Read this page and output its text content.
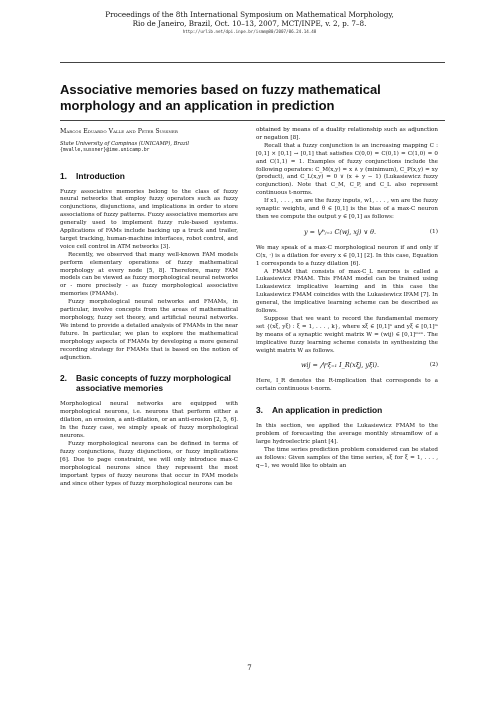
Proceedings of the 8th International Symposium on Mathematical Morphology,
Rio de Janeiro, Brazil, Oct. 10–13, 2007, MCT/INPE, v. 2, p. 7–8.
http://urlib.net/dpi.inpe.br/ismm@80/2007/06.24.14.48
Associative memories based on fuzzy mathematical morphology and an application in prediction
Marcos Eduardo Valle and Peter Sussner
State University of Campinas (UNICAMP), Brazil
{mvalle,sussner}@ime.unicamp.br
1.	Introduction

Fuzzy associative memories belong to the class of fuzzy neural networks that employ fuzzy operators such as fuzzy conjunctions, disjunctions, and implications in order to store associations of fuzzy patterns. Fuzzy associative memories are generally used to implement fuzzy rule-based systems. Applications of FAMs include backing up a truck and trailer, target tracking, human-machine interfaces, robot control, and voice cell control in ATM networks [3].

Recently, we observed that many well-known FAM models perform elementary operations of fuzzy mathematical morphology at every node [5, 8]. Therefore, many FAM models can be viewed as fuzzy morphological neural networks or - more precisely - as fuzzy morphological associative memories (FMAMs).

Fuzzy morphological neural networks and FMAMs, in particular, involve concepts from the areas of mathematical morphology, fuzzy set theory, and artificial neural networks. We intend to provide a detailed analysis of FMAMs in the near future. In particular, we plan to explore the mathematical morphology aspects of FMAMs by developing a more general recording strategy for FMAMs that is based on the notion of adjunction.

2.	Basic concepts of fuzzy morphological associative memories

Morphological neural networks are equipped with morphological neurons, i.e. neurons that perform either a dilation, an erosion, a anti-dilation, or an anti-erosion [2, 5, 6]. In the fuzzy case, we simply speak of fuzzy morphological neurons.

Fuzzy morphological neurons can be defined in terms of fuzzy conjunctions, fuzzy disjunctions, or fuzzy implications [6]. Due to page constraint, we will only introduce max-C morphological neurons since they represent the most important types of fuzzy neurons that occur in FAM models and since other types of fuzzy morphological neurons can be

obtained by means of a duality relationship such as adjunction or negation [8].

Recall that a fuzzy conjunction is an increasing mapping C : [0,1] × [0,1] → [0,1] that satisfies C(0,0) = C(0,1) = C(1,0) = 0 and C(1,1) = 1. Examples of fuzzy conjunctions include the following operators: C_M(x,y) = x ∧ y (minimum), C_P(x,y) = xy (product), and C_L(x,y) = 0 ∨ (x + y − 1) (Lukasiewicz fuzzy conjunction). Note that C_M, C_P, and C_L also represent continuous t-norms.

If x1, . . . , xn are the fuzzy inputs, w1, . . . , wn are the fuzzy synaptic weights, and θ ∈ [0,1] is the bias of a max-C neuron then we compute the output y ∈ [0,1] as follows:

y = ⋁ⁿⱼ₌₁ C(wj, xj) ∨ θ.	(1)

We may speak of a max-C morphological neuron if and only if C(x, ·) is a dilation for every x ∈ [0,1] [2]. In this case, Equation 1 corresponds to a fuzzy dilation [6].

A FMAM that consists of max-C_L neurons is called a Lukasiewicz FMAM. This FMAM model can be trained using Lukasiewicz implicative learning and in this case the Lukasiewicz FMAM coincides with the Lukasiewicz IFAM [7]. In general, the implicative learning scheme can be described as follows.

Suppose that we want to record the fundamental memory set {(xξ, yξ) : ξ = 1, . . . , k}, where xξ ∈ [0,1]ⁿ and yξ ∈ [0,1]ᵐ by means of a synaptic weight matrix W = (wij) ∈ [0,1]ᵐˣⁿ. The implicative fuzzy learning scheme consists in synthesizing the weight matrix W as follows.

wij = ⋀ᵖξ₌₁ I_R(xξj, yξi).	(2)

Here, I_R denotes the R-implication that corresponds to a certain continuous t-norm.

3.	An application in prediction

In this section, we applied the Lukasiewicz FMAM to the problem of forecasting the average monthly streamflow of a large hydroelectric plant [4].

The time series prediction problem considered can be stated as follows: Given samples of the time series, sξ for ξ = 1, . . . , q−1, we would like to obtain an

7
